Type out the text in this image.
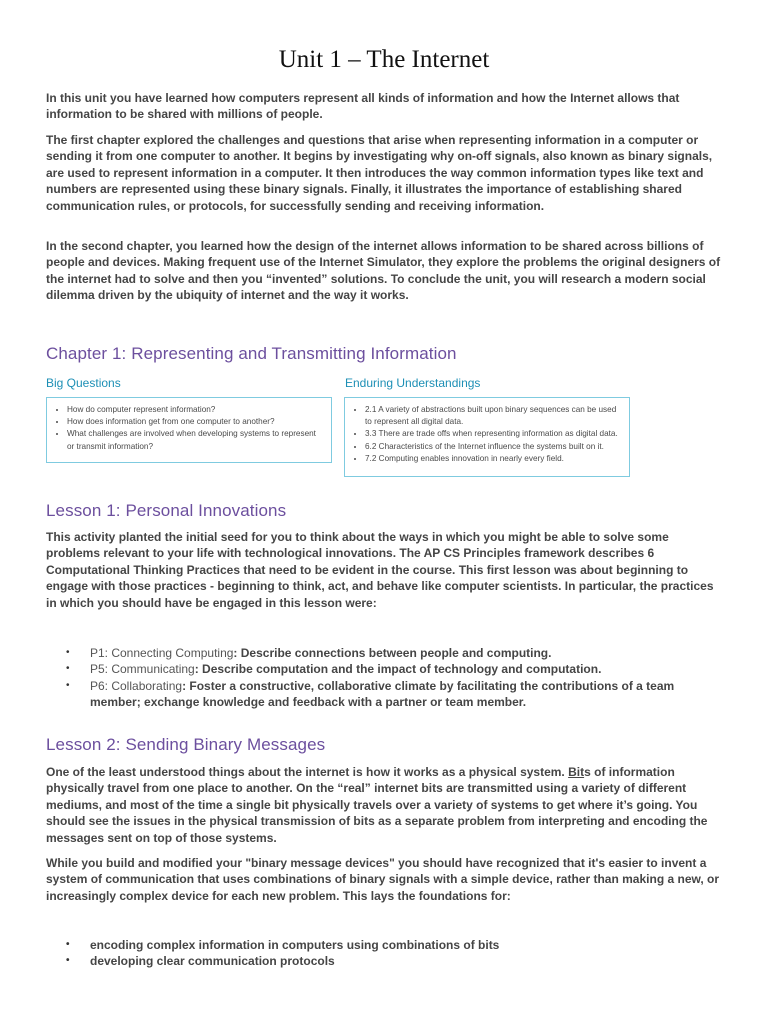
Unit 1 – The Internet

In this unit you have learned how computers represent all kinds of information and how the Internet allows that information to be shared with millions of people.

The first chapter explored the challenges and questions that arise when representing information in a computer or sending it from one computer to another. It begins by investigating why on-off signals, also known as binary signals, are used to represent information in a computer. It then introduces the way common information types like text and numbers are represented using these binary signals. Finally, it illustrates the importance of establishing shared communication rules, or protocols, for successfully sending and receiving information.

In the second chapter, you learned how the design of the internet allows information to be shared across billions of people and devices. Making frequent use of the Internet Simulator, they explore the problems the original designers of the internet had to solve and then you “invented” solutions. To conclude the unit, you will research a modern social dilemma driven by the ubiquity of internet and the way it works.

Chapter 1: Representing and Transmitting Information
Big Questions
• How do computer represent information?
• How does information get from one computer to another?
• What challenges are involved when developing systems to represent or transmit information?
Enduring Understandings
• 2.1 A variety of abstractions built upon binary sequences can be used to represent all digital data.
• 3.3 There are trade offs when representing information as digital data.
• 6.2 Characteristics of the Internet influence the systems built on it.
• 7.2 Computing enables innovation in nearly every field.
Lesson 1: Personal Innovations

This activity planted the initial seed for you to think about the ways in which you might be able to solve some problems relevant to your life with technological innovations. The AP CS Principles framework describes 6 Computational Thinking Practices that need to be evident in the course. This first lesson was about beginning to engage with those practices - beginning to think, act, and behave like computer scientists. In particular, the practices in which you should have be engaged in this lesson were:

• P1: Connecting Computing: Describe connections between people and computing.
• P5: Communicating: Describe computation and the impact of technology and computation.
• P6: Collaborating: Foster a constructive, collaborative climate by facilitating the contributions of a team member; exchange knowledge and feedback with a partner or team member.
Lesson 2: Sending Binary Messages

One of the least understood things about the internet is how it works as a physical system. Bits of information physically travel from one place to another. On the “real” internet bits are transmitted using a variety of different mediums, and most of the time a single bit physically travels over a variety of systems to get where it’s going. You should see the issues in the physical transmission of bits as a separate problem from interpreting and encoding the messages sent on top of those systems.

While you build and modified your "binary message devices" you should have recognized that it's easier to invent a system of communication that uses combinations of binary signals with a simple device, rather than making a new, or increasingly complex device for each new problem. This lays the foundations for:

• encoding complex information in computers using combinations of bits
• developing clear communication protocols
